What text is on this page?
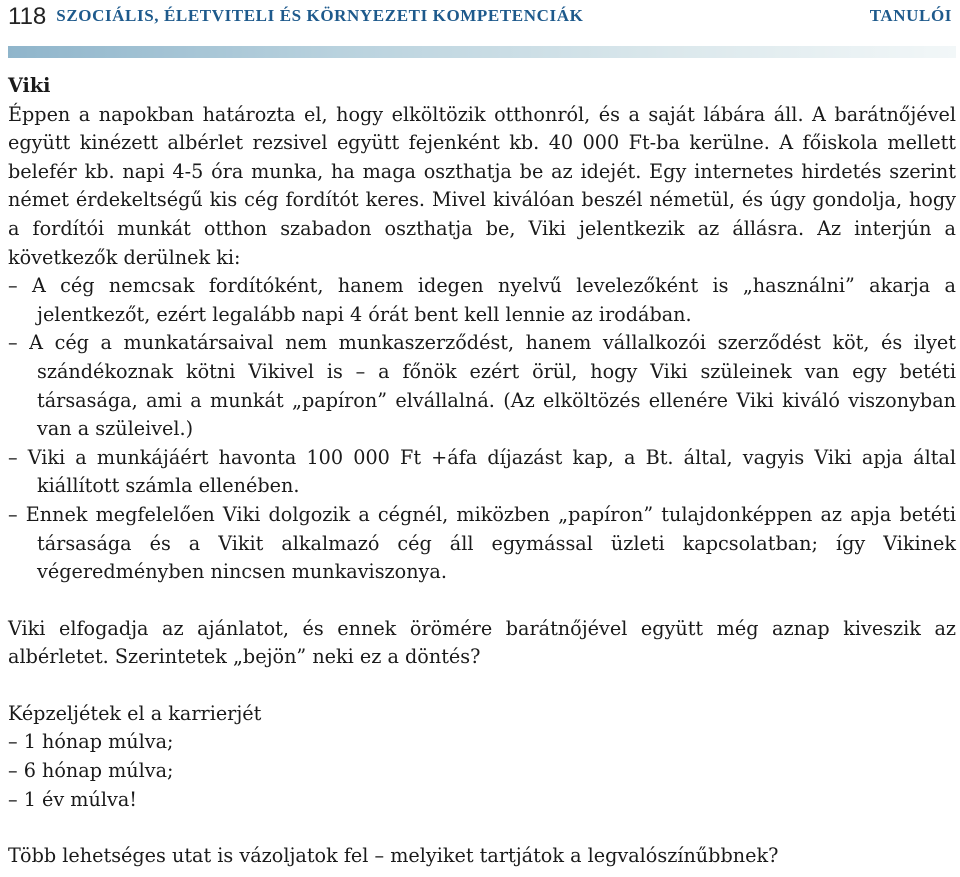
118 SZOCIÁLIS, ÉLETVITELI ÉS KÖRNYEZETI KOMPETENCIÁK	TANULÓI

Viki

Éppen a napokban határozta el, hogy elköltözik otthonról, és a saját lábára áll. A barátnőjével együtt kinézett albérlet rezsivel együtt fejenként kb. 40 000 Ft-ba kerülne. A főiskola mellett belefér kb. napi 4-5 óra munka, ha maga oszthatja be az idejét. Egy internetes hirdetés szerint német érdekeltségű kis cég fordítót keres. Mivel kiválóan beszél németül, és úgy gondolja, hogy a fordítói munkát otthon szabadon oszthatja be, Viki jelentkezik az állásra. Az interjún a következők derülnek ki:

– A cég nemcsak fordítóként, hanem idegen nyelvű levelezőként is „használni” akarja a jelentkezőt, ezért legalább napi 4 órát bent kell lennie az irodában.

– A cég a munkatársaival nem munkaszerződést, hanem vállalkozói szerződést köt, és ilyet szándékoznak kötni Vikivel is – a főnök ezért örül, hogy Viki szüleinek van egy betéti társasága, ami a munkát „papíron” elvállalná. (Az elköltözés ellenére Viki kiváló viszonyban van a szüleivel.)

– Viki a munkájáért havonta 100 000 Ft +áfa díjazást kap, a Bt. által, vagyis Viki apja által kiállított számla ellenében.

– Ennek megfelelően Viki dolgozik a cégnél, miközben „papíron” tulajdonképpen az apja betéti társasága és a Vikit alkalmazó cég áll egymással üzleti kapcsolatban; így Vikinek végeredményben nincsen munkaviszonya.

Viki elfogadja az ajánlatot, és ennek örömére barátnőjével együtt még aznap kiveszik az albérletet. Szerintetek „bejön” neki ez a döntés?

Képzeljétek el a karrierjét

– 1 hónap múlva;

– 6 hónap múlva;

– 1 év múlva!

Több lehetséges utat is vázoljatok fel – melyiket tartjátok a legvalószínűbbnek?
